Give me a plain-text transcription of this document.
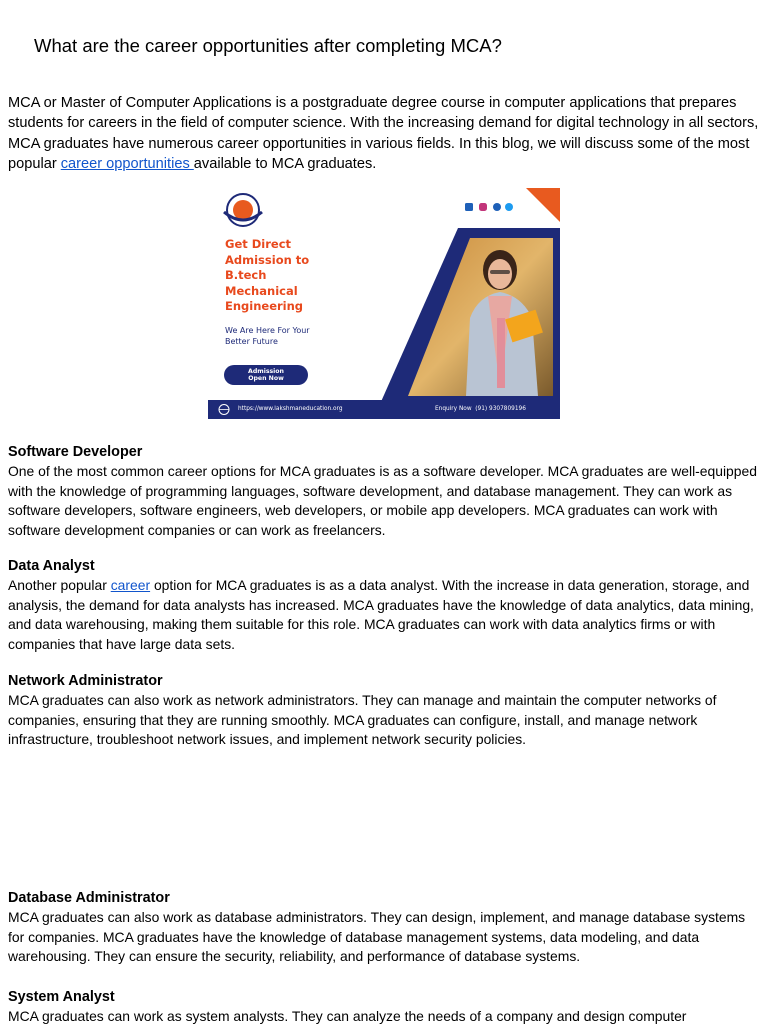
What are the career opportunities after completing MCA?

MCA or Master of Computer Applications is a postgraduate degree course in computer applications that prepares students for careers in the field of computer science. With the increasing demand for digital technology in all sectors, MCA graduates have numerous career opportunities in various fields. In this blog, we will discuss some of the most popular career opportunities available to MCA graduates.

Get Direct
Admission to
B.tech
Mechanical
Engineering
We Are Here For Your
Better Future
Admission
Open Now
https://www.lakshmaneducation.org	Enquiry Now  (91) 9307809196
Software Developer

One of the most common career options for MCA graduates is as a software developer. MCA graduates are well-equipped with the knowledge of programming languages, software development, and database management. They can work as software developers, software engineers, web developers, or mobile app developers. MCA graduates can work with software development companies or can work as freelancers.

Data Analyst

Another popular career option for MCA graduates is as a data analyst. With the increase in data generation, storage, and analysis, the demand for data analysts has increased. MCA graduates have the knowledge of data analytics, data mining, and data warehousing, making them suitable for this role. MCA graduates can work with data analytics firms or with companies that have large data sets.

Network Administrator

MCA graduates can also work as network administrators. They can manage and maintain the computer networks of companies, ensuring that they are running smoothly. MCA graduates can configure, install, and manage network infrastructure, troubleshoot network issues, and implement network security policies.

Database Administrator

MCA graduates can also work as database administrators. They can design, implement, and manage database systems for companies. MCA graduates have the knowledge of database management systems, data modeling, and data warehousing. They can ensure the security, reliability, and performance of database systems.

System Analyst

MCA graduates can work as system analysts. They can analyze the needs of a company and design computer
